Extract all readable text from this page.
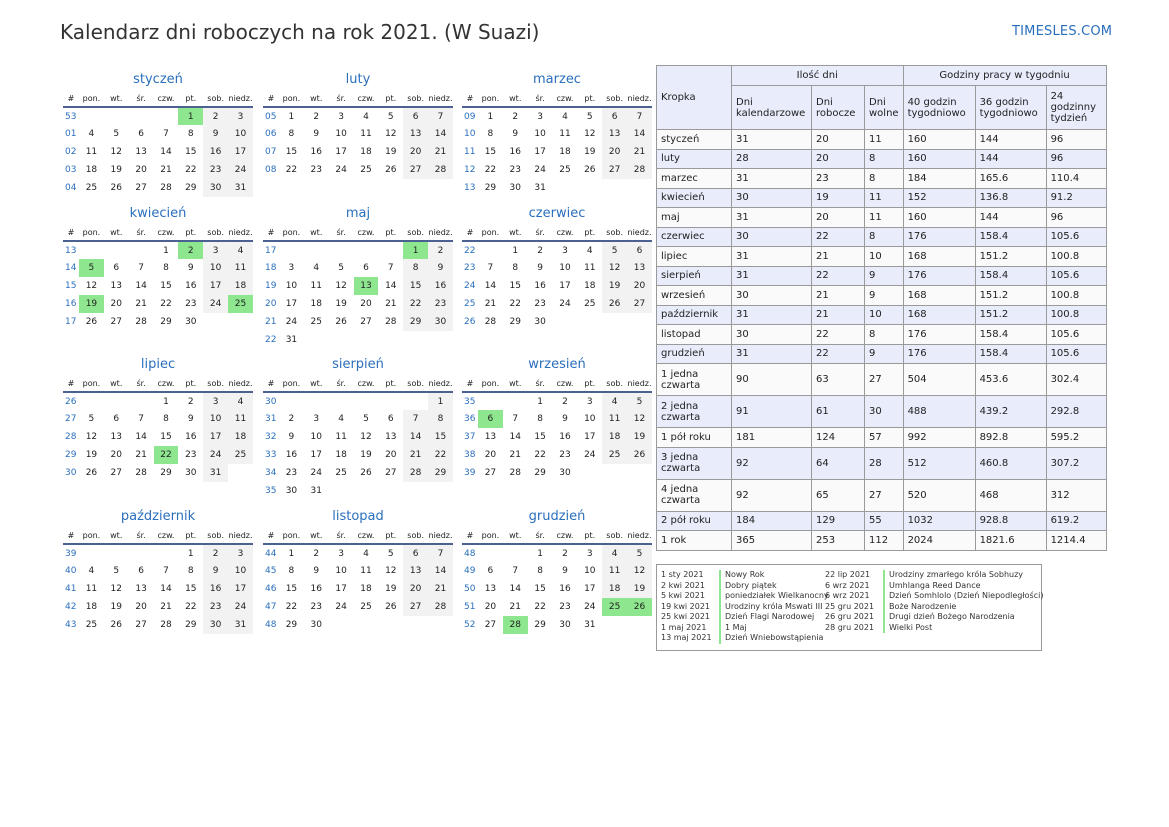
Kalendarz dni roboczych na rok 2021. (W Suazi)	TIMESLES.COM
styczeń
#	pon.	wt.	śr.	czw.	pt.	sob.	niedz.
53					1	2	3
01	4	5	6	7	8	9	10
02	11	12	13	14	15	16	17
03	18	19	20	21	22	23	24
04	25	26	27	28	29	30	31
luty
#	pon.	wt.	śr.	czw.	pt.	sob.	niedz.
05	1	2	3	4	5	6	7
06	8	9	10	11	12	13	14
07	15	16	17	18	19	20	21
08	22	23	24	25	26	27	28
marzec
#	pon.	wt.	śr.	czw.	pt.	sob.	niedz.
09	1	2	3	4	5	6	7
10	8	9	10	11	12	13	14
11	15	16	17	18	19	20	21
12	22	23	24	25	26	27	28
13	29	30	31				
kwiecień
#	pon.	wt.	śr.	czw.	pt.	sob.	niedz.
13				1	2	3	4
14	5	6	7	8	9	10	11
15	12	13	14	15	16	17	18
16	19	20	21	22	23	24	25
17	26	27	28	29	30		
maj
#	pon.	wt.	śr.	czw.	pt.	sob.	niedz.
17						1	2
18	3	4	5	6	7	8	9
19	10	11	12	13	14	15	16
20	17	18	19	20	21	22	23
21	24	25	26	27	28	29	30
22	31						
czerwiec
#	pon.	wt.	śr.	czw.	pt.	sob.	niedz.
22		1	2	3	4	5	6
23	7	8	9	10	11	12	13
24	14	15	16	17	18	19	20
25	21	22	23	24	25	26	27
26	28	29	30				
lipiec
#	pon.	wt.	śr.	czw.	pt.	sob.	niedz.
26				1	2	3	4
27	5	6	7	8	9	10	11
28	12	13	14	15	16	17	18
29	19	20	21	22	23	24	25
30	26	27	28	29	30	31	
sierpień
#	pon.	wt.	śr.	czw.	pt.	sob.	niedz.
30							1
31	2	3	4	5	6	7	8
32	9	10	11	12	13	14	15
33	16	17	18	19	20	21	22
34	23	24	25	26	27	28	29
35	30	31					
wrzesień
#	pon.	wt.	śr.	czw.	pt.	sob.	niedz.
35			1	2	3	4	5
36	6	7	8	9	10	11	12
37	13	14	15	16	17	18	19
38	20	21	22	23	24	25	26
39	27	28	29	30			
październik
#	pon.	wt.	śr.	czw.	pt.	sob.	niedz.
39					1	2	3
40	4	5	6	7	8	9	10
41	11	12	13	14	15	16	17
42	18	19	20	21	22	23	24
43	25	26	27	28	29	30	31
listopad
#	pon.	wt.	śr.	czw.	pt.	sob.	niedz.
44	1	2	3	4	5	6	7
45	8	9	10	11	12	13	14
46	15	16	17	18	19	20	21
47	22	23	24	25	26	27	28
48	29	30					
grudzień
#	pon.	wt.	śr.	czw.	pt.	sob.	niedz.
48			1	2	3	4	5
49	6	7	8	9	10	11	12
50	13	14	15	16	17	18	19
51	20	21	22	23	24	25	26
52	27	28	29	30	31		
Kropka	Ilość dni			Godziny pracy w tygodniu		
	Dni kalendarzowe	Dni robocze	Dni wolne	40 godzin tygodniowo	36 godzin tygodniowo	24 godzinny tydzień
styczeń	31	20	11	160	144	96
luty	28	20	8	160	144	96
marzec	31	23	8	184	165.6	110.4
kwiecień	30	19	11	152	136.8	91.2
maj	31	20	11	160	144	96
czerwiec	30	22	8	176	158.4	105.6
lipiec	31	21	10	168	151.2	100.8
sierpień	31	22	9	176	158.4	105.6
wrzesień	30	21	9	168	151.2	100.8
październik	31	21	10	168	151.2	100.8
listopad	30	22	8	176	158.4	105.6
grudzień	31	22	9	176	158.4	105.6
1 jedna czwarta	90	63	27	504	453.6	302.4
2 jedna czwarta	91	61	30	488	439.2	292.8
1 pół roku	181	124	57	992	892.8	595.2
3 jedna czwarta	92	64	28	512	460.8	307.2
4 jedna czwarta	92	65	27	520	468	312
2 pół roku	184	129	55	1032	928.8	619.2
1 rok	365	253	112	2024	1821.6	1214.4
1 sty 2021	Nowy Rok
2 kwi 2021	Dobry piątek
5 kwi 2021	poniedziałek Wielkanocny
19 kwi 2021 Urodziny króla Mswati III
25 kwi 2021 Dzień Flagi Narodowej
1 maj 2021 1 Maj
13 maj 2021 Dzień Wniebowstąpienia
22 lip 2021 Urodziny zmarłego króla Sobhuzy
6 wrz 2021 Umhlanga Reed Dance
6 wrz 2021 Dzień Somhlolo (Dzień Niepodległości)
25 gru 2021 Boże Narodzenie
26 gru 2021 Drugi dzień Bożego Narodzenia
28 gru 2021 Wielki Post
